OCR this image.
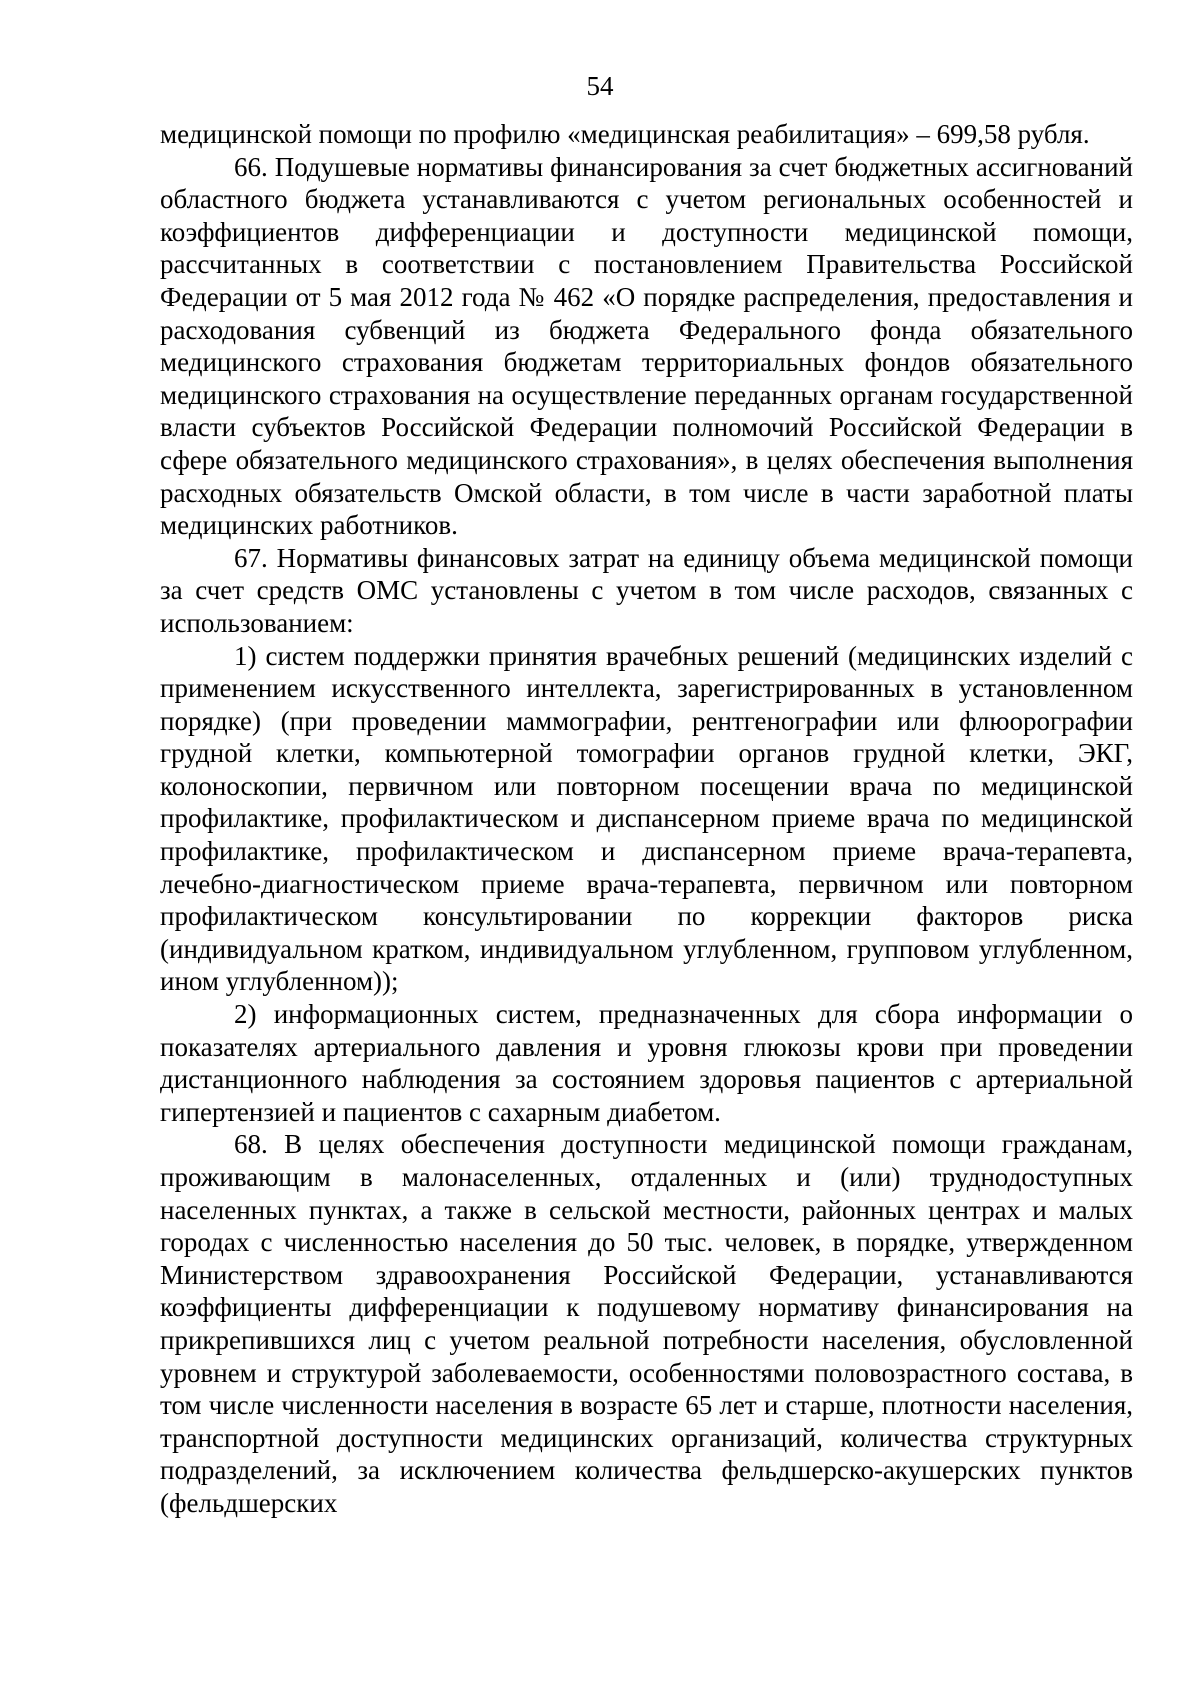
54

медицинской помощи по профилю «медицинская реабилитация» – 699,58 рубля.

66. Подушевые нормативы финансирования за счет бюджетных ассигнований областного бюджета устанавливаются с учетом региональных особенностей и коэффициентов дифференциации и доступности медицинской помощи, рассчитанных в соответствии с постановлением Правительства Российской Федерации от 5 мая 2012 года № 462 «О порядке распределения, предоставления и расходования субвенций из бюджета Федерального фонда обязательного медицинского страхования бюджетам территориальных фондов обязательного медицинского страхования на осуществление переданных органам государственной власти субъектов Российской Федерации полномочий Российской Федерации в сфере обязательного медицинского страхования», в целях обеспечения выполнения расходных обязательств Омской области, в том числе в части заработной платы медицинских работников.

67. Нормативы финансовых затрат на единицу объема медицинской помощи за счет средств ОМС установлены с учетом в том числе расходов, связанных с использованием:

1) систем поддержки принятия врачебных решений (медицинских изделий с применением искусственного интеллекта, зарегистрированных в установленном порядке) (при проведении маммографии, рентгенографии или флюорографии грудной клетки, компьютерной томографии органов грудной клетки, ЭКГ, колоноскопии, первичном или повторном посещении врача по медицинской профилактике, профилактическом и диспансерном приеме врача по медицинской профилактике, профилактическом и диспансерном приеме врача-терапевта, лечебно-диагностическом приеме врача-терапевта, первичном или повторном профилактическом консультировании по коррекции факторов риска (индивидуальном кратком, индивидуальном углубленном, групповом углубленном, ином углубленном));

2) информационных систем, предназначенных для сбора информации о показателях артериального давления и уровня глюкозы крови при проведении дистанционного наблюдения за состоянием здоровья пациентов с артериальной гипертензией и пациентов с сахарным диабетом.

68. В целях обеспечения доступности медицинской помощи гражданам, проживающим в малонаселенных, отдаленных и (или) труднодоступных населенных пунктах, а также в сельской местности, районных центрах и малых городах с численностью населения до 50 тыс. человек, в порядке, утвержденном Министерством здравоохранения Российской Федерации, устанавливаются коэффициенты дифференциации к подушевому нормативу финансирования на прикрепившихся лиц с учетом реальной потребности населения, обусловленной уровнем и структурой заболеваемости, особенностями половозрастного состава, в том числе численности населения в возрасте 65 лет и старше, плотности населения, транспортной доступности медицинских организаций, количества структурных подразделений, за исключением количества фельдшерско-акушерских пунктов (фельдшерских
